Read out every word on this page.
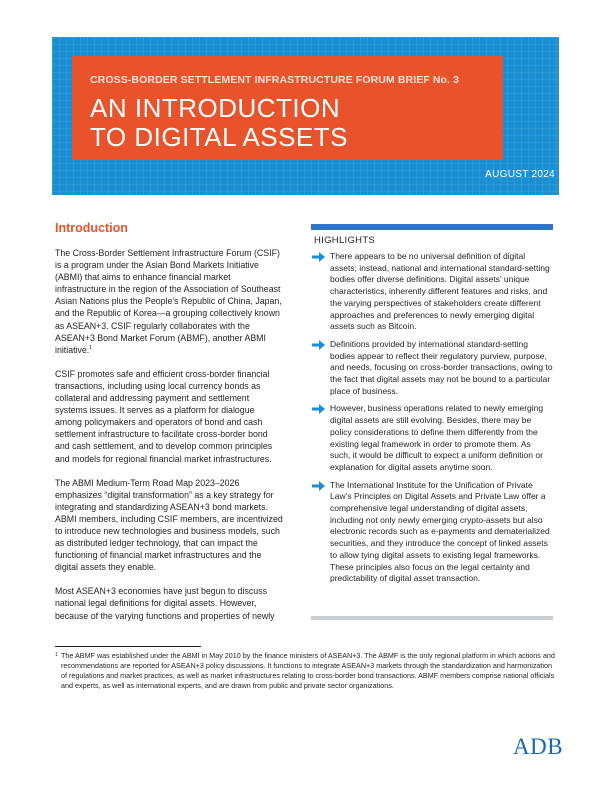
CROSS-BORDER SETTLEMENT INFRASTRUCTURE FORUM BRIEF No. 3
AN INTRODUCTION
TO DIGITAL ASSETS
AUGUST 2024
Introduction

The Cross-Border Settlement Infrastructure Forum (CSIF) is a program under the Asian Bond Markets Initiative (ABMI) that aims to enhance financial market infrastructure in the region of the Association of Southeast Asian Nations plus the People’s Republic of China, Japan, and the Republic of Korea—a grouping collectively known as ASEAN+3. CSIF regularly collaborates with the ASEAN+3 Bond Market Forum (ABMF), another ABMI initiative.$^1$

CSIF promotes safe and efficient cross-border financial transactions, including using local currency bonds as collateral and addressing payment and settlement systems issues. It serves as a platform for dialogue among policymakers and operators of bond and cash settlement infrastructure to facilitate cross-border bond and cash settlement, and to develop common principles and models for regional financial market infrastructures.

The ABMI Medium-Term Road Map 2023–2026 emphasizes “digital transformation” as a key strategy for integrating and standardizing ASEAN+3 bond markets. ABMI members, including CSIF members, are incentivized to introduce new technologies and business models, such as distributed ledger technology, that can impact the functioning of financial market infrastructures and the digital assets they enable.

Most ASEAN+3 economies have just begun to discuss national legal definitions for digital assets. However, because of the varying functions and properties of newly

HIGHLIGHTS
There appears to be no universal definition of digital assets; instead, national and international standard-setting bodies offer diverse definitions. Digital assets’ unique characteristics, inherently different features and risks, and the varying perspectives of stakeholders create different approaches and preferences to newly emerging digital assets such as Bitcoin.
Definitions provided by international standard-setting bodies appear to reflect their regulatory purview, purpose, and needs, focusing on cross-border transactions, owing to the fact that digital assets may not be bound to a particular place of business.
However, business operations related to newly emerging digital assets are still evolving. Besides, there may be policy considerations to define them differently from the existing legal framework in order to promote them. As such, it would be difficult to expect a uniform definition or explanation for digital assets anytime soon.
The International Institute for the Unification of Private Law’s Principles on Digital Assets and Private Law offer a comprehensive legal understanding of digital assets, including not only newly emerging crypto-assets but also electronic records such as e-payments and dematerialized securities, and they introduce the concept of linked assets to allow tying digital assets to existing legal frameworks. These principles also focus on the legal certainty and predictability of digital asset transaction.
1 The ABMF was established under the ABMI in May 2010 by the finance ministers of ASEAN+3. The ABMF is the only regional platform in which actions and recommendations are reported for ASEAN+3 policy discussions. It functions to integrate ASEAN+3 markets through the standardization and harmonization of regulations and market practices, as well as market infrastructures relating to cross-border bond transactions. ABMF members comprise national officials and experts, as well as international experts, and are drawn from public and private sector organizations.
ADB
